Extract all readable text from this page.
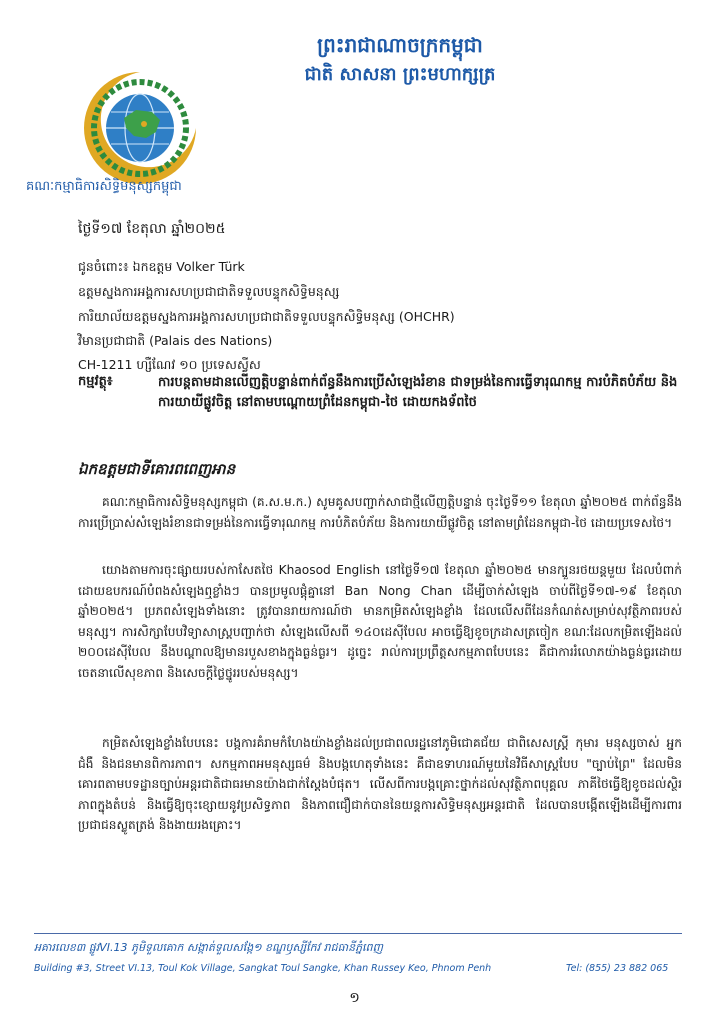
ព្រះរាជាណាចក្រកម្ពុជា
ជាតិ សាសនា ព្រះមហាក្សត្រ
គណៈកម្មាធិការសិទ្ធិមនុស្សកម្ពុជា
ថ្ងៃទី១៧ ខែតុលា ឆ្នាំ២០២៥
ជូនចំពោះ៖ ឯកឧត្តម Volker Türk
ឧត្តមស្នងការអង្គការសហប្រជាជាតិទទួលបន្ទុកសិទ្ធិមនុស្ស
ការិយាល័យឧត្តមស្នងការអង្គការសហប្រជាជាតិទទួលបន្ទុកសិទ្ធិមនុស្ស (OHCHR)
វិមានប្រជាជាតិ (Palais des Nations)
CH-1211 ហ្សឺណែវ ១០ ប្រទេសស្វីស
កម្មវត្ថុ៖	ការបន្តតាមដានលើញត្តិបន្ទាន់ពាក់ព័ន្ធនឹងការប្រើសំឡេងរំខាន ជាទម្រង់នៃការធ្វើទារុណកម្ម ការបំភិតបំភ័យ និងការយាយីផ្លូវចិត្ត នៅតាមបណ្ដោយព្រំដែនកម្ពុជា-ថៃ ដោយកងទ័ពថៃ
ឯកឧត្តមជាទីគោរពពេញអាន
គណៈកម្មាធិការសិទ្ធិមនុស្សកម្ពុជា (គ.ស.ម.ក.) សូមគូសបញ្ជាក់សាជាថ្មីលើញត្តិបន្ទាន់ ចុះថ្ងៃទី១១ ខែតុលា ឆ្នាំ២០២៥ ពាក់ព័ន្ធនឹងការប្រើប្រាស់សំឡេងរំខានជាទម្រង់នៃការធ្វើទារុណកម្ម ការបំភិតបំភ័យ និងការយាយីផ្លូវចិត្ត នៅតាមព្រំដែនកម្ពុជា-ថៃ ដោយប្រទេសថៃ។
យោងតាមការចុះផ្សាយរបស់កាសែតថៃ Khaosod English នៅថ្ងៃទី១៧ ខែតុលា ឆ្នាំ២០២៥ មានក្បួនរថយន្តមួយ ដែលបំពាក់ដោយឧបករណ៍បំពងសំឡេងឮខ្លាំងៗ បានប្រមូលផ្តុំគ្នានៅ Ban Nong Chan ដើម្បីចាក់សំឡេង ចាប់ពីថ្ងៃទី១៧-១៩ ខែតុលា ឆ្នាំ២០២៥។ ប្រភពសំឡេងទាំងនោះ ត្រូវបានរាយការណ៍ថា មានកម្រិតសំឡេងខ្លាំង ដែលលើសពីដែនកំណត់សម្រាប់សុវត្ថិភាពរបស់មនុស្ស។ ការសិក្សាបែបវិទ្យាសាស្ត្របញ្ជាក់ថា សំឡេងលើសពី ១៤០ដេស៊ីបែល អាចធ្វើឱ្យខូចក្រដាសត្រចៀក ខណៈដែលកម្រិតឡើងដល់ ២០០ដេស៊ីបែល នឹងបណ្តាលឱ្យមានរបួសខាងក្នុងធ្ងន់ធ្ងរ។ ដូច្នេះ រាល់ការប្រព្រឹត្តសកម្មភាពបែបនេះ គឺជាការរំលោភយ៉ាងធ្ងន់ធ្ងរដោយចេតនាលើសុខភាព និងសេចក្តីថ្លៃថ្នូររបស់មនុស្ស។
កម្រិតសំឡេងខ្លាំងបែបនេះ បង្កការគំរាមកំហែងយ៉ាងខ្លាំងដល់ប្រជាពលរដ្ឋនៅភូមិជោគជ័យ ជាពិសេសស្ត្រី កុមារ មនុស្សចាស់ អ្នកជំងឺ និងជនមានពិការភាព។ សកម្មភាពអមនុស្សធម៌ និងបង្កហេតុទាំងនេះ គឺជាឧទាហរណ៍មួយនៃវិធីសាស្ត្របែប "ច្បាប់ព្រៃ" ដែលមិនគោរពតាមបទដ្ឋានច្បាប់អន្តរជាតិជាធរមានយ៉ាងជាក់ស្តែងបំផុត។ លើសពីការបង្កគ្រោះថ្នាក់ដល់សុវត្ថិភាពបុគ្គល ភាគីថៃធ្វើឱ្យខូចដល់ស្ថិរភាពក្នុងតំបន់ និងធ្វើឱ្យចុះខ្សោយនូវប្រសិទ្ធភាព និងភាពជឿជាក់បាននៃយន្តការសិទ្ធិមនុស្សអន្តរជាតិ ដែលបានបង្កើតឡើងដើម្បីការពារប្រជាជនស្លូតត្រង់ និងងាយរងគ្រោះ។
អគារលេខ៣ ផ្លូវVI.13 ភូមិទួលគោក សង្កាត់ទួលសង្កែ១ ខណ្ឌឫស្សីកែវ រាជធានីភ្នំពេញ
Building #3, Street VI.13, Toul Kok Village, Sangkat Toul Sangke, Khan Russey Keo, Phnom Penh	Tel: (855) 23 882 065
១
